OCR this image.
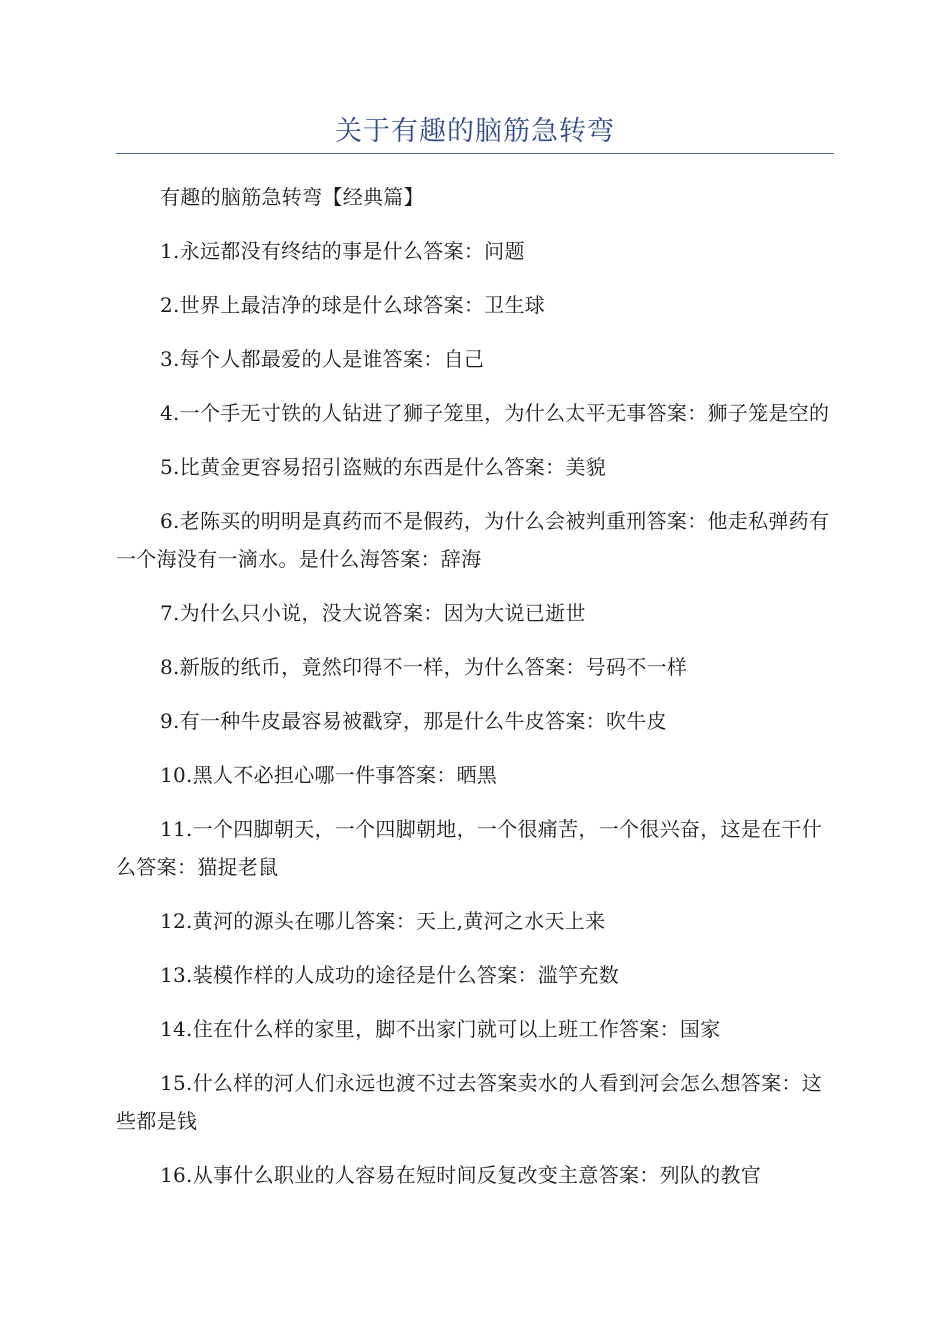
关于有趣的脑筋急转弯

有趣的脑筋急转弯【经典篇】

1.永远都没有终结的事是什么答案：问题

2.世界上最洁净的球是什么球答案：卫生球

3.每个人都最爱的人是谁答案：自己

4.一个手无寸铁的人钻进了狮子笼里，为什么太平无事答案：狮子笼是空的

5.比黄金更容易招引盗贼的东西是什么答案：美貌

6.老陈买的明明是真药而不是假药，为什么会被判重刑答案：他走私弹药有一个海没有一滴水。是什么海答案：辞海

7.为什么只小说，没大说答案：因为大说已逝世

8.新版的纸币，竟然印得不一样，为什么答案：号码不一样

9.有一种牛皮最容易被戳穿，那是什么牛皮答案：吹牛皮

10.黑人不必担心哪一件事答案：晒黑

11.一个四脚朝天，一个四脚朝地，一个很痛苦，一个很兴奋，这是在干什么答案：猫捉老鼠

12.黄河的源头在哪儿答案：天上,黄河之水天上来

13.装模作样的人成功的途径是什么答案：滥竽充数

14.住在什么样的家里，脚不出家门就可以上班工作答案：国家

15.什么样的河人们永远也渡不过去答案卖水的人看到河会怎么想答案：这些都是钱

16.从事什么职业的人容易在短时间反复改变主意答案：列队的教官
